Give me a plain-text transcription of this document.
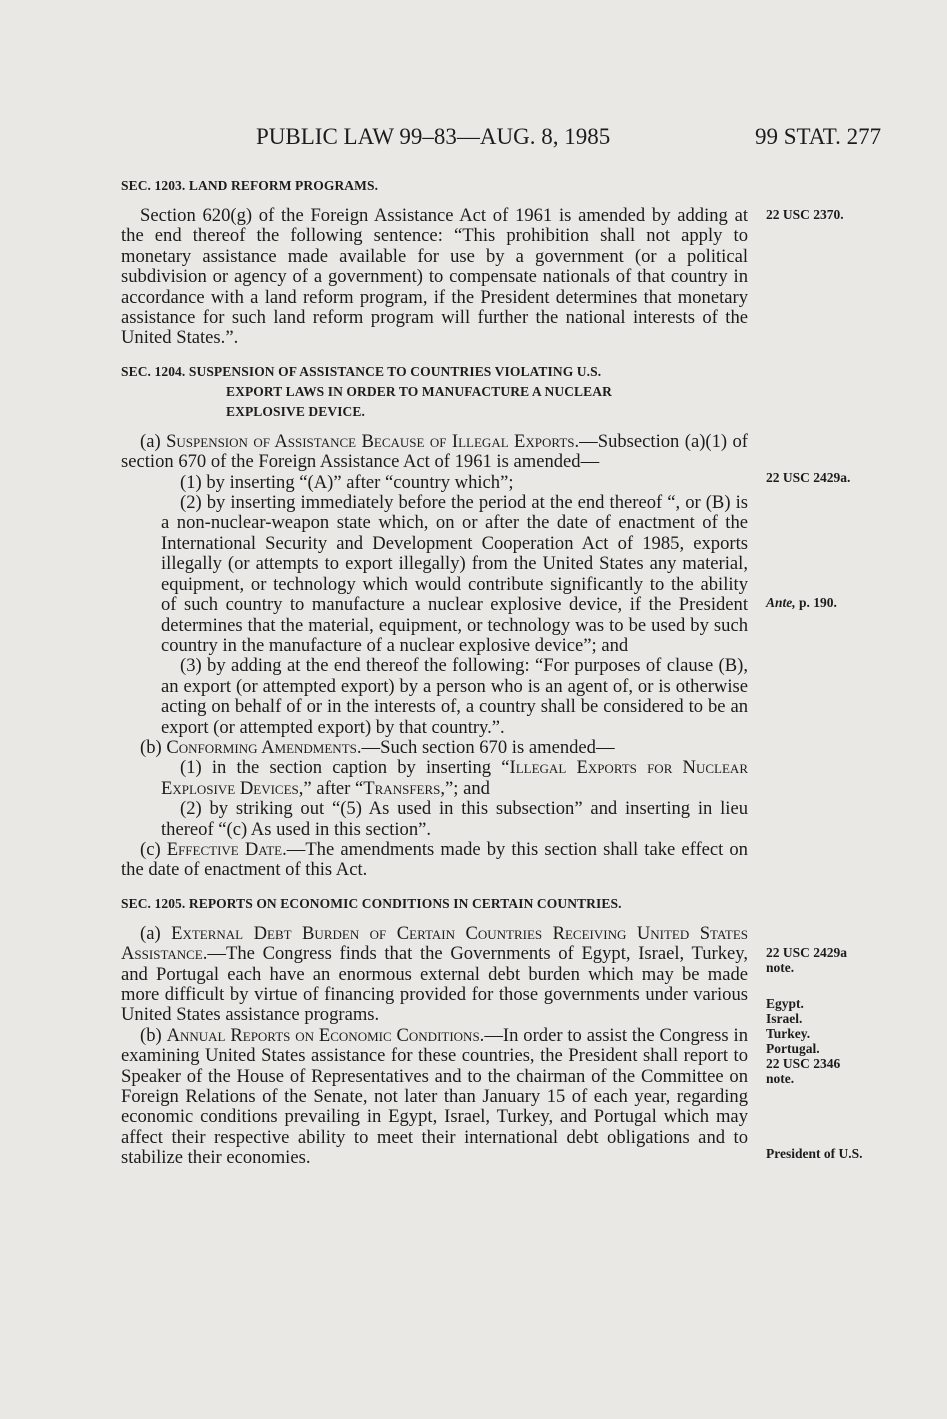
PUBLIC LAW 99–83—AUG. 8, 1985	99 STAT. 277

SEC. 1203. LAND REFORM PROGRAMS.

Section 620(g) of the Foreign Assistance Act of 1961 is amended by adding at the end thereof the following sentence: “This prohibition shall not apply to monetary assistance made available for use by a government (or a political subdivision or agency of a government) to compensate nationals of that country in accordance with a land reform program, if the President determines that monetary assistance for such land reform program will further the national interests of the United States.”.

SEC. 1204. SUSPENSION OF ASSISTANCE TO COUNTRIES VIOLATING U.S.
EXPORT LAWS IN ORDER TO MANUFACTURE A NUCLEAR
EXPLOSIVE DEVICE.

(a) Suspension of Assistance Because of Illegal Exports.—Subsection (a)(1) of section 670 of the Foreign Assistance Act of 1961 is amended—

(1) by inserting “(A)” after “country which”;

(2) by inserting immediately before the period at the end thereof “, or (B) is a non-nuclear-weapon state which, on or after the date of enactment of the International Security and Development Cooperation Act of 1985, exports illegally (or attempts to export illegally) from the United States any material, equipment, or technology which would contribute significantly to the ability of such country to manufacture a nuclear explosive device, if the President determines that the material, equipment, or technology was to be used by such country in the manufacture of a nuclear explosive device”; and

(3) by adding at the end thereof the following: “For purposes of clause (B), an export (or attempted export) by a person who is an agent of, or is otherwise acting on behalf of or in the interests of, a country shall be considered to be an export (or attempted export) by that country.”.

(b) Conforming Amendments.—Such section 670 is amended—

(1) in the section caption by inserting “Illegal Exports for Nuclear Explosive Devices,” after “Transfers,”; and

(2) by striking out “(5) As used in this subsection” and inserting in lieu thereof “(c) As used in this section”.

(c) Effective Date.—The amendments made by this section shall take effect on the date of enactment of this Act.

SEC. 1205. REPORTS ON ECONOMIC CONDITIONS IN CERTAIN COUNTRIES.

(a) External Debt Burden of Certain Countries Receiving United States Assistance.—The Congress finds that the Governments of Egypt, Israel, Turkey, and Portugal each have an enormous external debt burden which may be made more difficult by virtue of financing provided for those governments under various United States assistance programs.

(b) Annual Reports on Economic Conditions.—In order to assist the Congress in examining United States assistance for these countries, the President shall report to Speaker of the House of Representatives and to the chairman of the Committee on Foreign Relations of the Senate, not later than January 15 of each year, regarding economic conditions prevailing in Egypt, Israel, Turkey, and Portugal which may affect their respective ability to meet their international debt obligations and to stabilize their economies.

22 USC 2370.
22 USC 2429a.
Ante, p. 190.
22 USC 2429a
note.
Egypt.
Israel.
Turkey.
Portugal.
22 USC 2346
note.
President of U.S.
